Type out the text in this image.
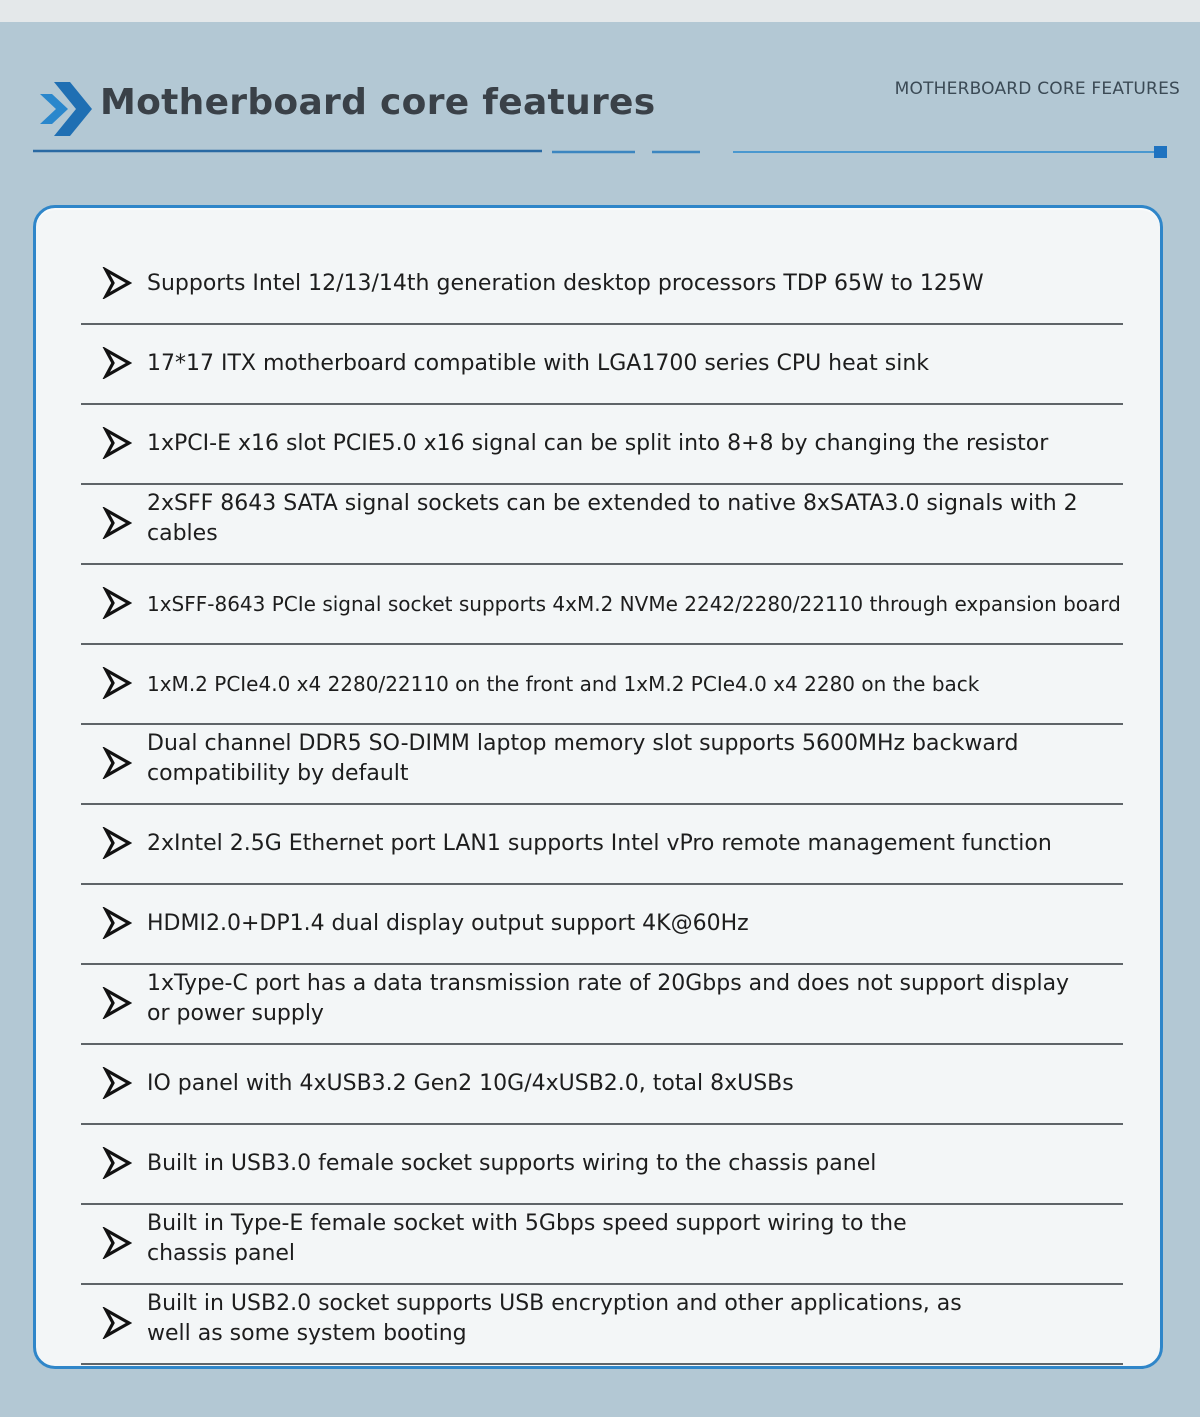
Motherboard core features	MOTHERBOARD CORE FEATURES
Supports Intel 12/13/14th generation desktop processors TDP 65W to 125W
17*17 ITX motherboard compatible with LGA1700 series CPU heat sink
1xPCI-E x16 slot PCIE5.0 x16 signal can be split into 8+8 by changing the resistor
2xSFF 8643 SATA signal sockets can be extended to native 8xSATA3.0 signals with 2 cables
1xSFF-8643 PCIe signal socket supports 4xM.2 NVMe 2242/2280/22110 through expansion board
1xM.2 PCIe4.0 x4 2280/22110 on the front and 1xM.2 PCIe4.0 x4 2280 on the back
Dual channel DDR5 SO-DIMM laptop memory slot supports 5600MHz backward compatibility by default
2xIntel 2.5G Ethernet port LAN1 supports Intel vPro remote management function
HDMI2.0+DP1.4 dual display output support 4K@60Hz
1xType-C port has a data transmission rate of 20Gbps and does not support display or power supply
IO panel with 4xUSB3.2 Gen2 10G/4xUSB2.0, total 8xUSBs
Built in USB3.0 female socket supports wiring to the chassis panel
Built in Type-E female socket with 5Gbps speed support wiring to the chassis panel
Built in USB2.0 socket supports USB encryption and other applications, as well as some system booting
